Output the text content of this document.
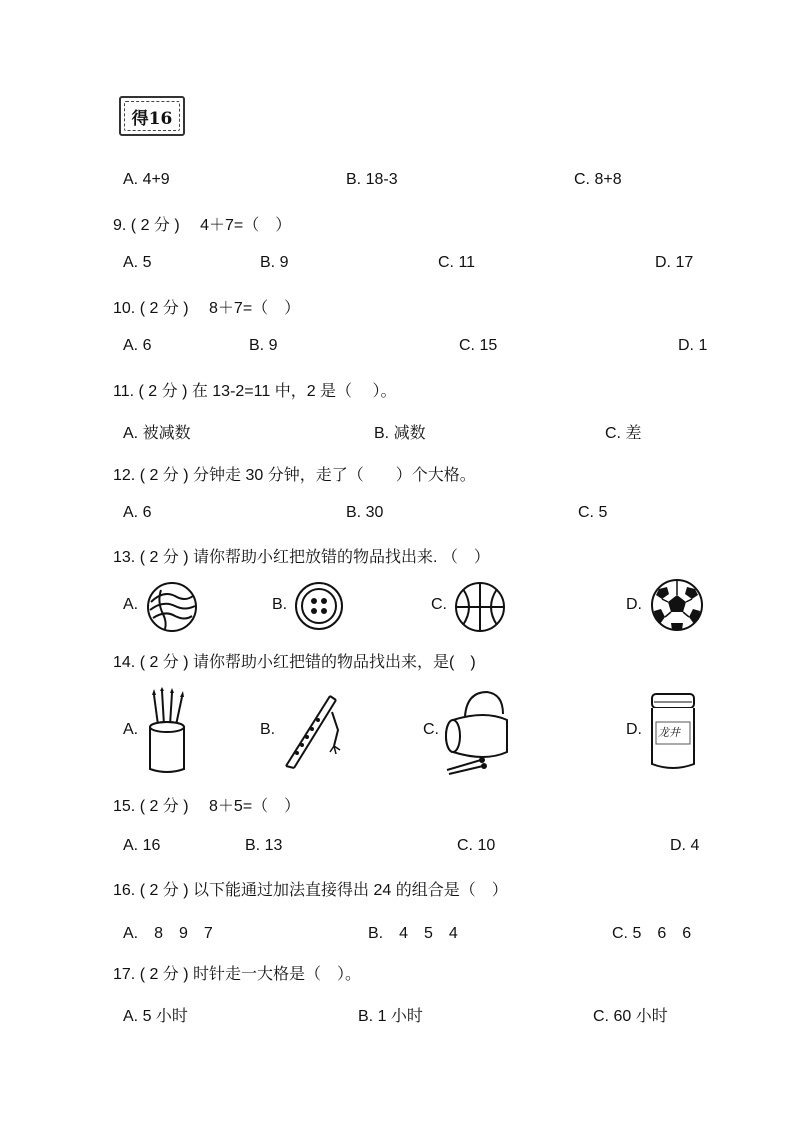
得16
A. 4+9	B. 18-3	C. 8+8
9. ( 2 分 )　 4＋7=（　）
A. 5	B. 9	C. 11	D. 17
10. ( 2 分 )　 8＋7=（　）
A. 6	B. 9	C. 15	D. 1
11. ( 2 分 ) 在 13-2=11 中，2 是（　 ）。
A. 被减数	B. 减数	C. 差
12. ( 2 分 ) 分钟走 30 分钟，走了（　　）个大格。
A. 6	B. 30	C. 5
13. ( 2 分 ) 请你帮助小红把放错的物品找出来. （　）
A.	B.	C.	D.
14. ( 2 分 ) 请你帮助小红把错的物品找出来，是(　)
A.	B.	C.	D. 龙井
15. ( 2 分 )　 8＋5=（　）
A. 16	B. 13	C. 10	D. 4
16. ( 2 分 ) 以下能通过加法直接得出 24 的组合是（　）
A.　8　9　7	B.　4　5　4	C. 5　6　6
17. ( 2 分 ) 时针走一大格是（　）。
A. 5 小时	B. 1 小时	C. 60 小时
